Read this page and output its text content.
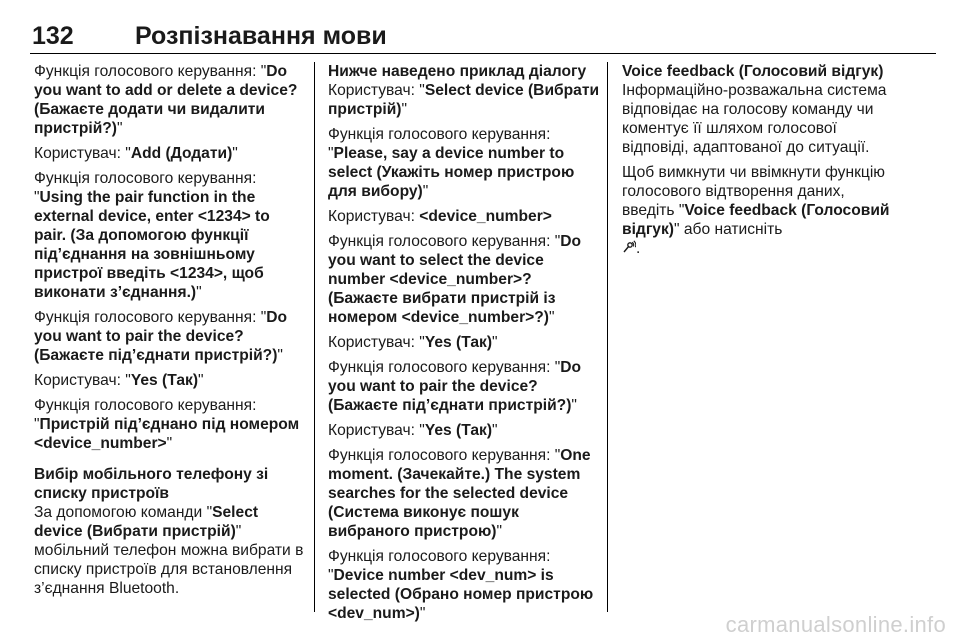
132 Розпізнавання мови

Функція голосового керування: "Do you want to add or delete a device? (Бажаєте додати чи видалити пристрій?)"

Користувач: "Add (Додати)"

Функція голосового керування: "Using the pair function in the external device, enter <1234> to pair. (За допомогою функції під’єднання на зовнішньому пристрої введіть <1234>, щоб виконати з’єднання.)"

Функція голосового керування: "Do you want to pair the device? (Бажаєте під’єднати пристрій?)"

Користувач: "Yes (Так)"

Функція голосового керування: "Пристрій під’єднано під номером <device_number>"

Вибір мобільного телефону зі списку пристроїв

За допомогою команди "Select device (Вибрати пристрій)" мобільний телефон можна вибрати в списку пристроїв для встановлення з’єднання Bluetooth.

Нижче наведено приклад діалогу

Користувач: "Select device (Вибрати пристрій)"

Функція голосового керування: "Please, say a device number to select (Укажіть номер пристрою для вибору)"

Користувач: <device_number>

Функція голосового керування: "Do you want to select the device number <device_number>? (Бажаєте вибрати пристрій із номером <device_number>?)"

Користувач: "Yes (Так)"

Функція голосового керування: "Do you want to pair the device? (Бажаєте під’єднати пристрій?)"

Користувач: "Yes (Так)"

Функція голосового керування: "One moment. (Зачекайте.) The system searches for the selected device (Система виконує пошук вибраного пристрою)"

Функція голосового керування: "Device number <dev_num> is selected (Обрано номер пристрою <dev_num>)"

Voice feedback (Голосовий відгук)

Інформаційно-розважальна система відповідає на голосову команду чи коментує її шляхом голосової відповіді, адаптованої до ситуації.

Щоб вимкнути чи ввімкнути функцію голосового відтворення даних, введіть "Voice feedback (Голосовий відгук)" або натисніть
.

carmanualsonline.info
